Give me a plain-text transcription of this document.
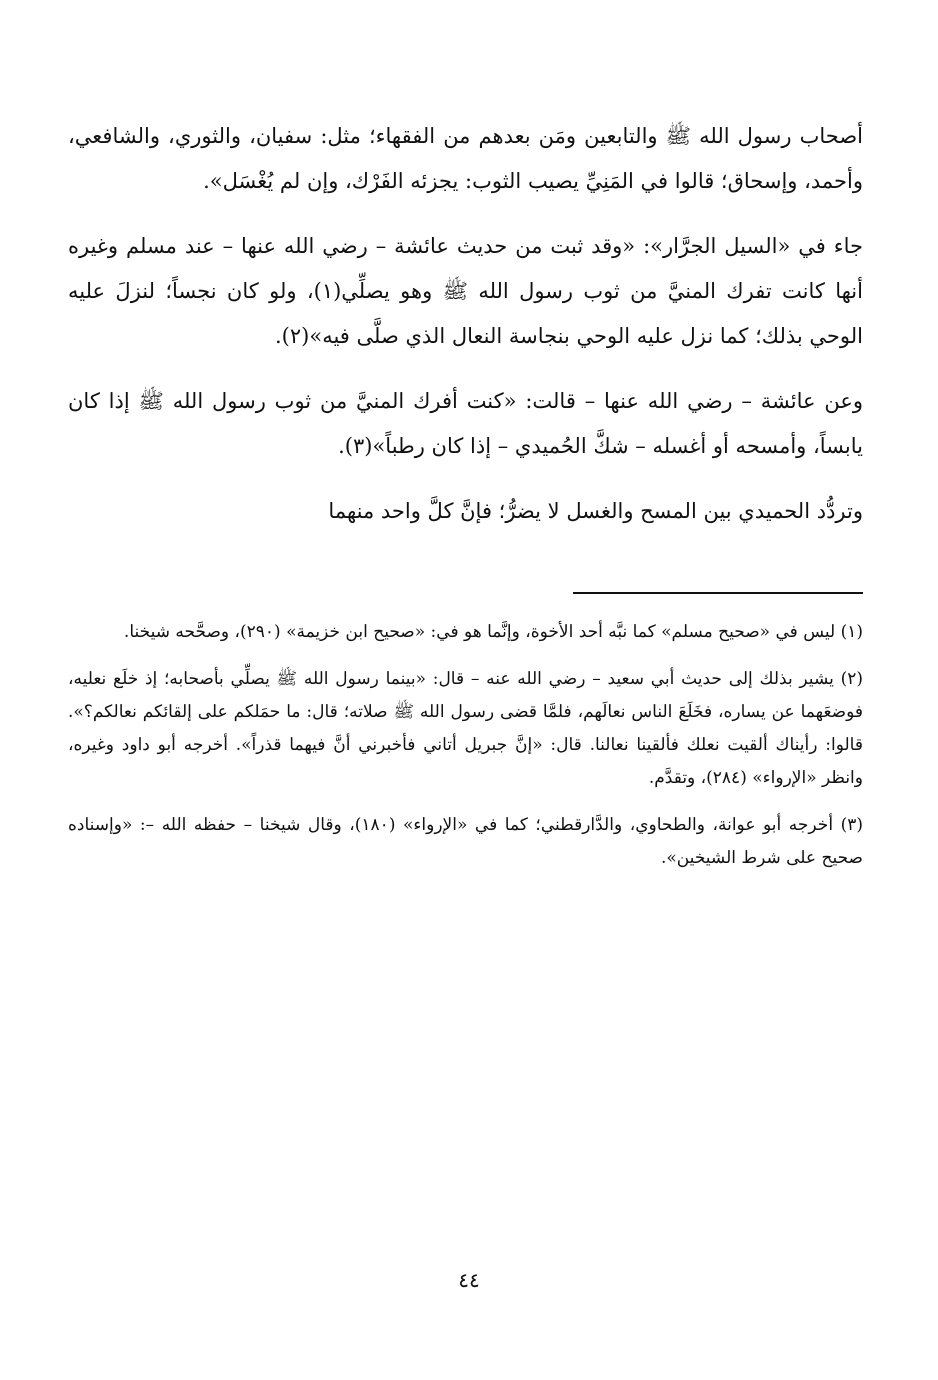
أصحاب رسول الله ﷺ والتابعين ومَن بعدهم من الفقهاء؛ مثل: سفيان، والثوري، والشافعي، وأحمد، وإسحاق؛ قالوا في المَنِيِّ يصيب الثوب: يجزئه الفَرْك، وإن لم يُغْسَل».

جاء في «السيل الجرَّار»: «وقد ثبت من حديث عائشة – رضي الله عنها – عند مسلم وغيره أنها كانت تفرك المنيَّ من ثوب رسول الله ﷺ وهو يصلِّي(١)، ولو كان نجساً؛ لنزلَ عليه الوحي بذلك؛ كما نزل عليه الوحي بنجاسة النعال الذي صلَّى فيه»(٢).

وعن عائشة – رضي الله عنها – قالت: «كنت أفرك المنيَّ من ثوب رسول الله ﷺ إذا كان يابساً، وأمسحه أو أغسله – شكَّ الحُميدي – إذا كان رطباً»(٣).

وتردُّد الحميدي بين المسح والغسل لا يضرُّ؛ فإنَّ كلَّ واحد منهما

(١) ليس في «صحيح مسلم» كما نبَّه أحد الأخوة، وإنَّما هو في: «صحيح ابن خزيمة» (٢٩٠)، وصحَّحه شيخنا.

(٢) يشير بذلك إلى حديث أبي سعيد – رضي الله عنه – قال: «بينما رسول الله ﷺ يصلِّي بأصحابه؛ إذ خلَع نعليه، فوضعَهما عن يساره، فخَلَعَ الناس نعالَهم، فلمَّا قضى رسول الله ﷺ صلاته؛ قال: ما حمَلكم على إلقائكم نعالكم؟». قالوا: رأيناك ألقيت نعلك فألقينا نعالنا. قال: «إنَّ جبريل أتاني فأخبرني أنَّ فيهما قذراً». أخرجه أبو داود وغيره، وانظر «الإرواء» (٢٨٤)، وتقدَّم.

(٣) أخرجه أبو عوانة، والطحاوي، والدَّارقطني؛ كما في «الإرواء» (١٨٠)، وقال شيخنا – حفظه الله –: «وإسناده صحيح على شرط الشيخين».

٤٤
